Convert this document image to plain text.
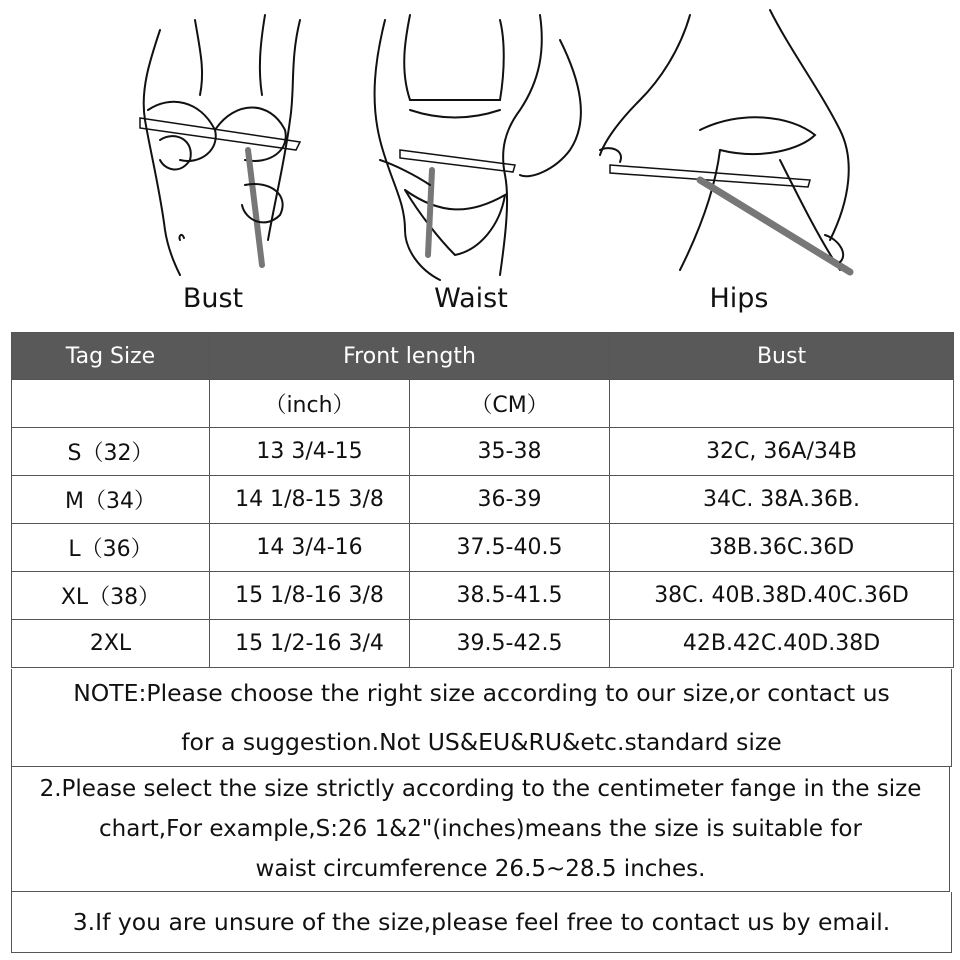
Bust	Waist	Hips
Tag Size	Front length		Bust
	（inch）	（CM）	
S（32）	13 3/4-15	35-38	32C, 36A/34B
M（34）	14 1/8-15 3/8	36-39	34C. 38A.36B.
L（36）	14 3/4-16	37.5-40.5	38B.36C.36D
XL（38）	15 1/8-16 3/8	38.5-41.5	38C. 40B.38D.40C.36D
2XL	15 1/2-16 3/4	39.5-42.5	42B.42C.40D.38D
NOTE:Please choose the right size according to our size,or contact us
for a suggestion.Not US&EU&RU&etc.standard size
2.Please select the size strictly according to the centimeter fange in the size
chart,For example,S:26 1&2"(inches)means the size is suitable for
waist circumference 26.5~28.5 inches.
3.If you are unsure of the size,please feel free to contact us by email.
